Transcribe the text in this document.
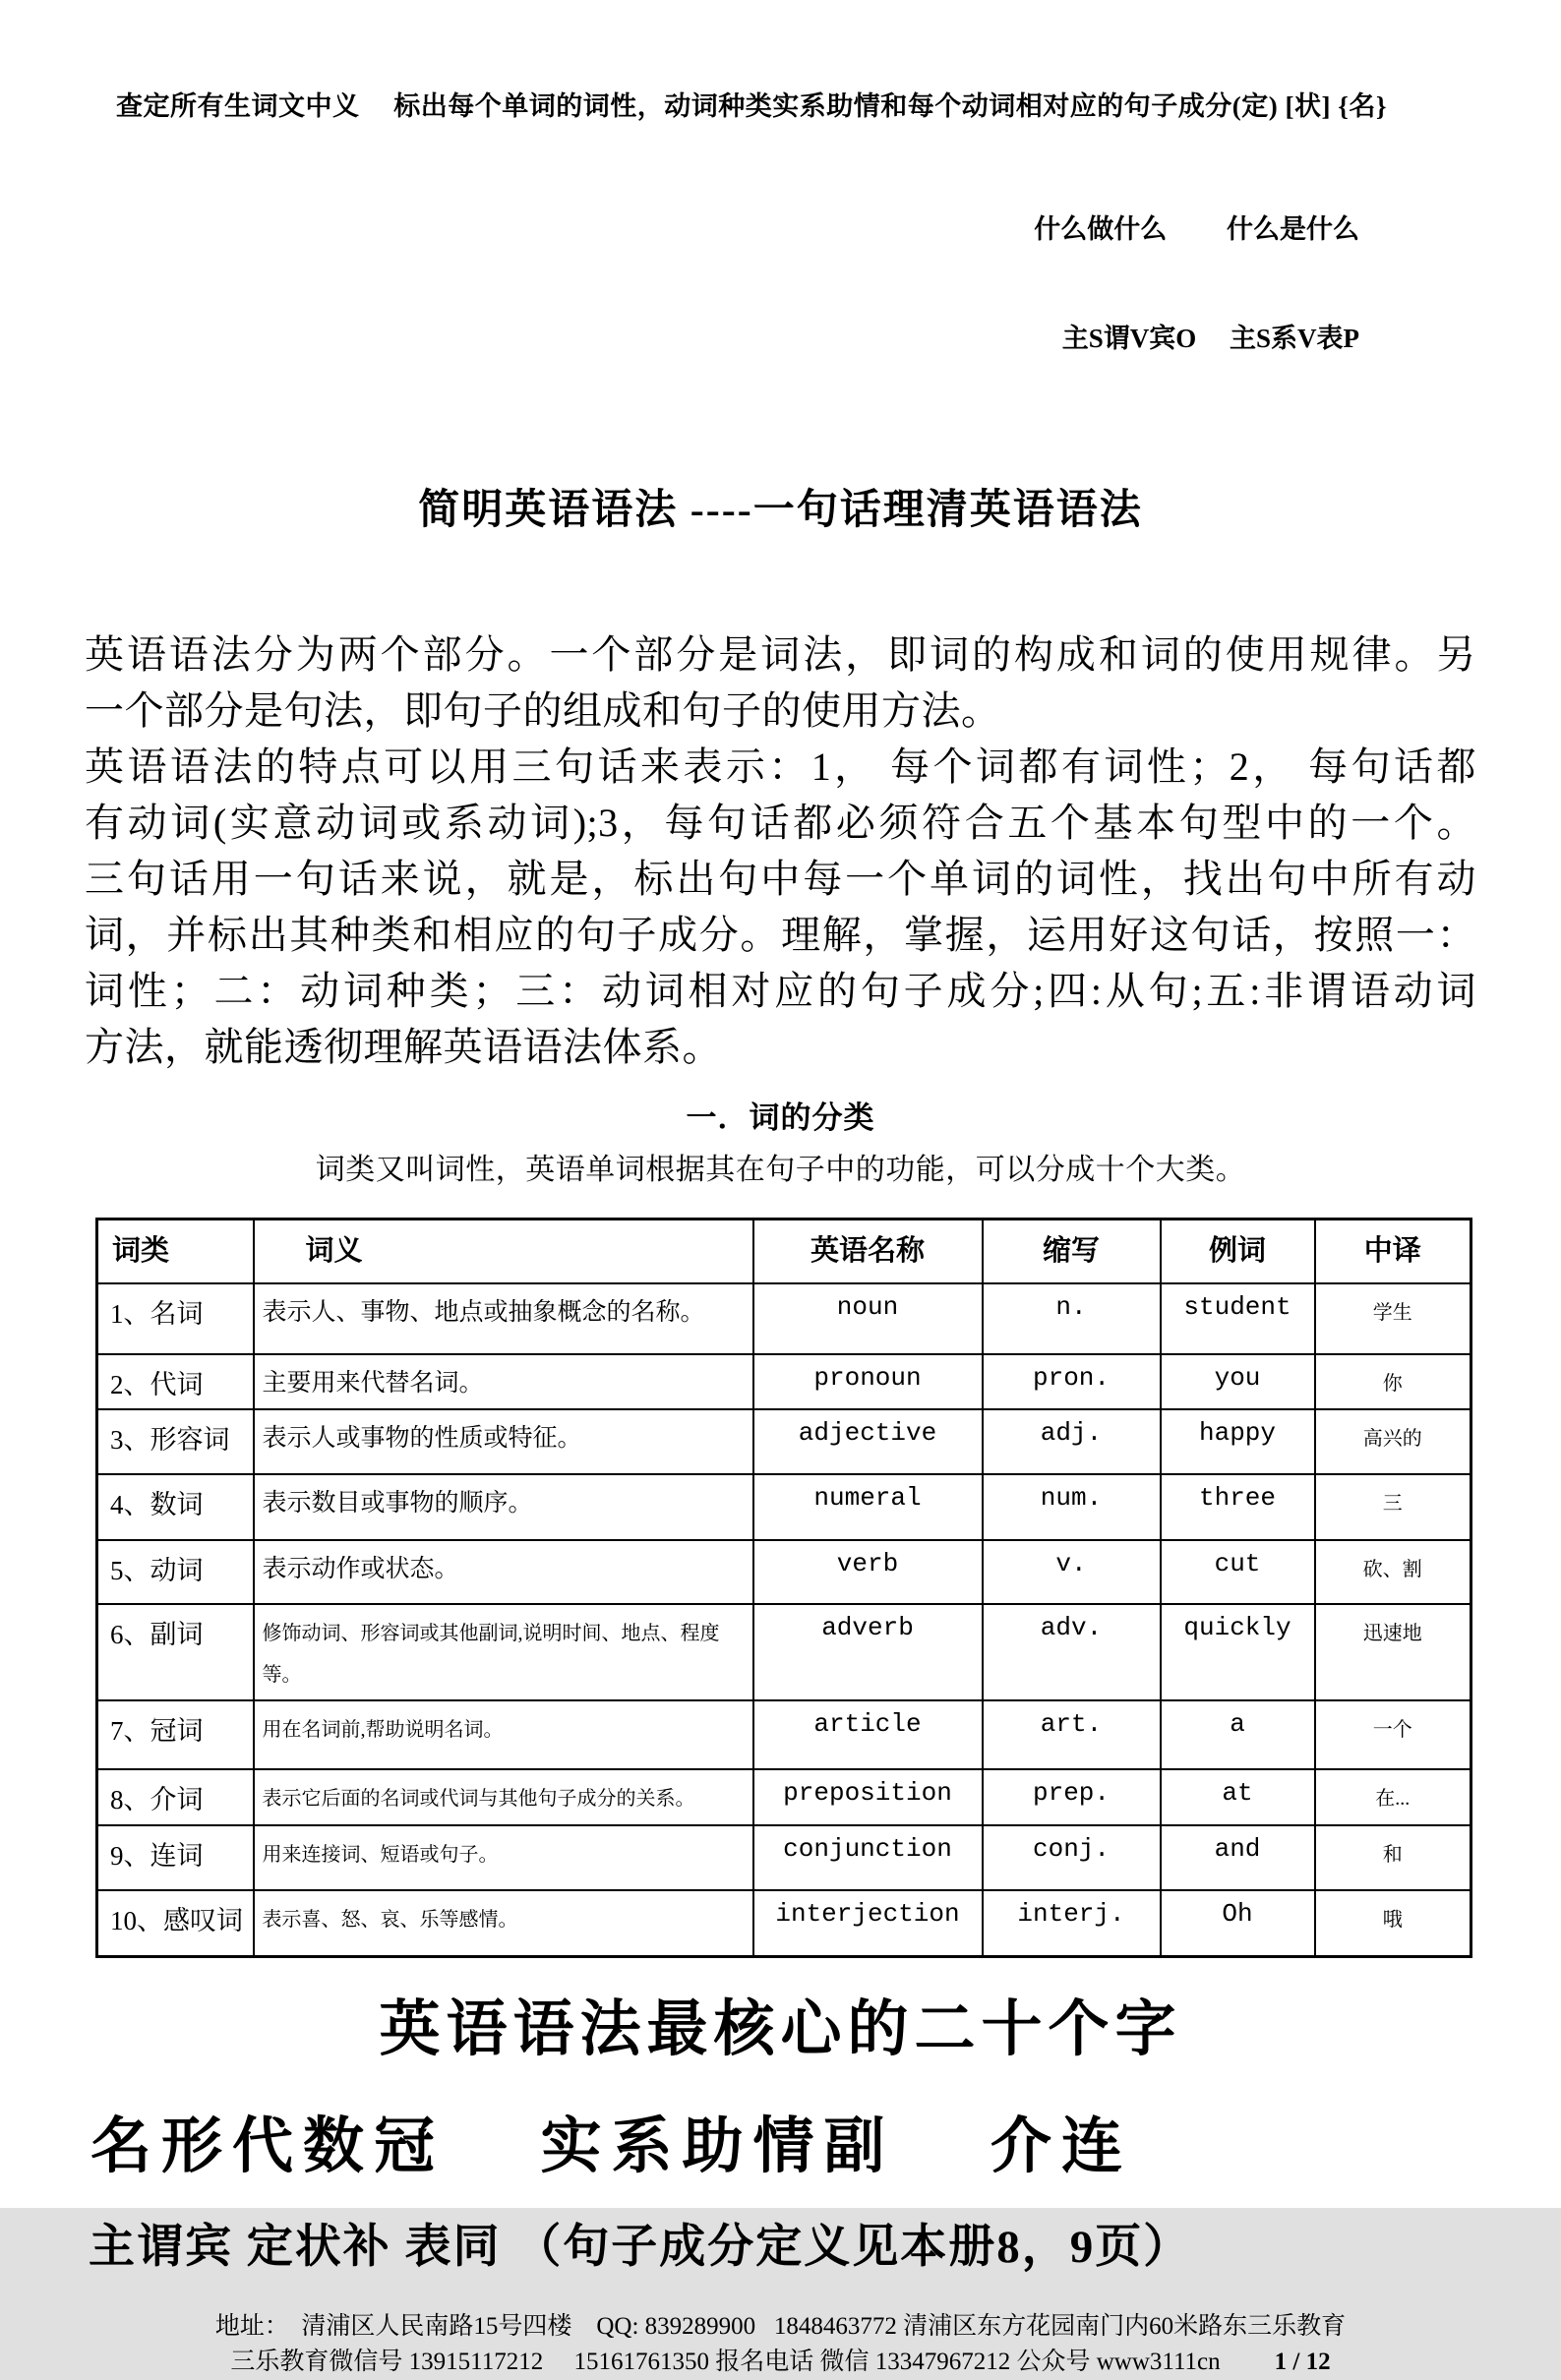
查定所有生词文中义　 标出每个单词的词性，动词种类实系助情和每个动词相对应的句子成分(定) [状] {名}

什么做什么　　 什么是什么

主S谓V宾O　 主S系V表P

简明英语语法 ----一句话理清英语语法
英语语法分为两个部分。一个部分是词法，即词的构成和词的使用规律。另
一个部分是句法，即句子的组成和句子的使用方法。
英语语法的特点可以用三句话来表示：1， 每个词都有词性；2， 每句话都
有动词(实意动词或系动词);3，每句话都必须符合五个基本句型中的一个。
三句话用一句话来说，就是，标出句中每一个单词的词性，找出句中所有动
词，并标出其种类和相应的句子成分。理解，掌握，运用好这句话，按照一：
词性；二：动词种类；三：动词相对应的句子成分;四:从句;五:非谓语动词
方法，就能透彻理解英语语法体系。
一．词的分类
词类又叫词性，英语单词根据其在句子中的功能，可以分成十个大类。
词类	词义	英语名称	缩写	例词	中译
1、名词	表示人、事物、地点或抽象概念的名称。	noun	n.	student	学生
2、代词	主要用来代替名词。	pronoun	pron.	you	你
3、形容词	表示人或事物的性质或特征。	adjective	adj.	happy	高兴的
4、数词	表示数目或事物的顺序。	numeral	num.	three	三
5、动词	表示动作或状态。	verb	v.	cut	砍、割
6、副词	修饰动词、形容词或其他副词,说明时间、地点、程度等。	adverb	adv.	quickly	迅速地
7、冠词	用在名词前,帮助说明名词。	article	art.	a	一个
8、介词	表示它后面的名词或代词与其他句子成分的关系。	preposition	prep.	at	在...
9、连词	用来连接词、短语或句子。	conjunction	conj.	and	和
10、感叹词	表示喜、怒、哀、乐等感情。	interjection	interj.	Oh	哦
英语语法最核心的二十个字
名形代数冠　 实系助情副　 介连
主谓宾 定状补 表同 （句子成分定义见本册8，9页）
地址：  清浦区人民南路15号四楼    QQ: 839289900   1848463772 清浦区东方花园南门内60米路东三乐教育
三乐教育微信号 13915117212     15161761350 报名电话 微信 13347967212 公众号 www3111cn 1 / 12
